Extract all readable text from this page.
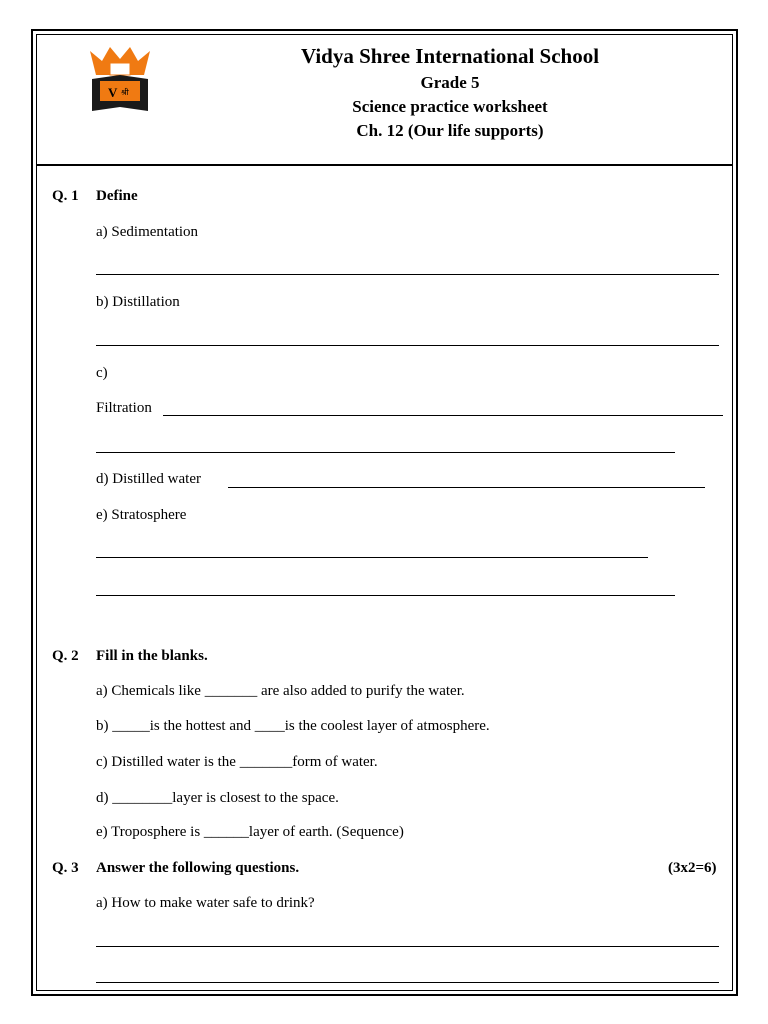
V श्री
Vidya Shree International School
Grade 5
Science practice worksheet
Ch. 12 (Our life supports)
Q. 1 Define
a) Sedimentation
b) Distillation
c)
Filtration
d) Distilled water
e) Stratosphere
Q. 2 Fill in the blanks.
a) Chemicals like _______ are also added to purify the water.
b) _____is the hottest and ____is the coolest layer of atmosphere.
c) Distilled water is the _______form of water.
d) ________layer is closest to the space.
e) Troposphere is ______layer of earth. (Sequence)
Q. 3 Answer the following questions.	(3x2=6)
a) How to make water safe to drink?
